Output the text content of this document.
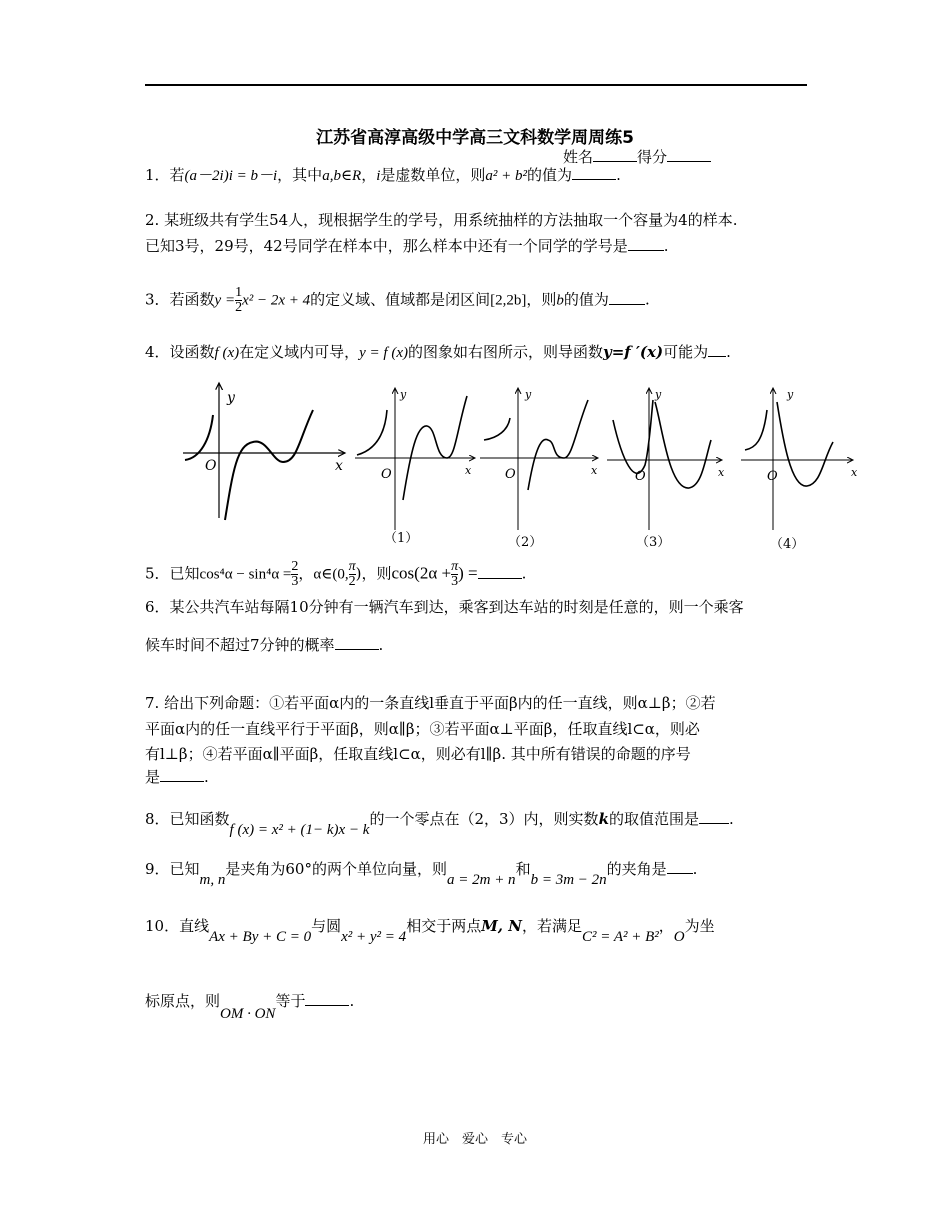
江苏省高淳高级中学高三文科数学周周练5
姓名	得分
1．若(a－2i)i = b－i，其中a,b∈R，i是虚数单位，则a² + b²的值为	.
2. 某班级共有学生54人，现根据学生的学号，用系统抽样的方法抽取一个容量为4的样本.
已知3号，29号，42号同学在样本中，那么样本中还有一个同学的学号是 .
3．若函数$y = \frac{1}{2} x^2 - 2x + 4$的定义域、值域都是闭区间[2,2b]，则b的值为 .
4．设函数f (x)在定义域内可导，y = f (x)的图象如右图所示，则导函数y=f ′(x)可能为 .
y
x
O
y
x
O
y
x
O
y
x
O
y
x
O
（1）	（2）	（3）	（4）
5．已知$\cos^4\alpha - \sin^4\alpha = \frac{2}{3}$ ，α∈(0, $\frac{\pi}{2}$ )，则$\cos(2\alpha + \frac{\pi}{3}$ ) =	.
6．某公共汽车站每隔10分钟有一辆汽车到达，乘客到达车站的时刻是任意的，则一个乘客
候车时间不超过7分钟的概率	.
7. 给出下列命题：①若平面α内的一条直线l垂直于平面β内的任一直线，则α⊥β；②若
平面α内的任一直线平行于平面β，则α∥β；③若平面α⊥平面β，任取直线l⊂α，则必
有l⊥β；④若平面α∥平面β，任取直线l⊂α，则必有l∥β. 其中所有错误的命题的序号
是	.
8．已知函数f (x) = x² + (1− k)x − k的一个零点在（2，3）内，则实数k的取值范围是 .
9．已知m, n是夹角为60°的两个单位向量，则a = 2m + n和b = 3m − 2n的夹角是 .
10．直线Ax + By + C = 0与圆x² + y² = 4相交于两点M, N，若满足C² = A² + B²，O为坐
标原点，则OM · ON等于	.
用心　爱心　专心
